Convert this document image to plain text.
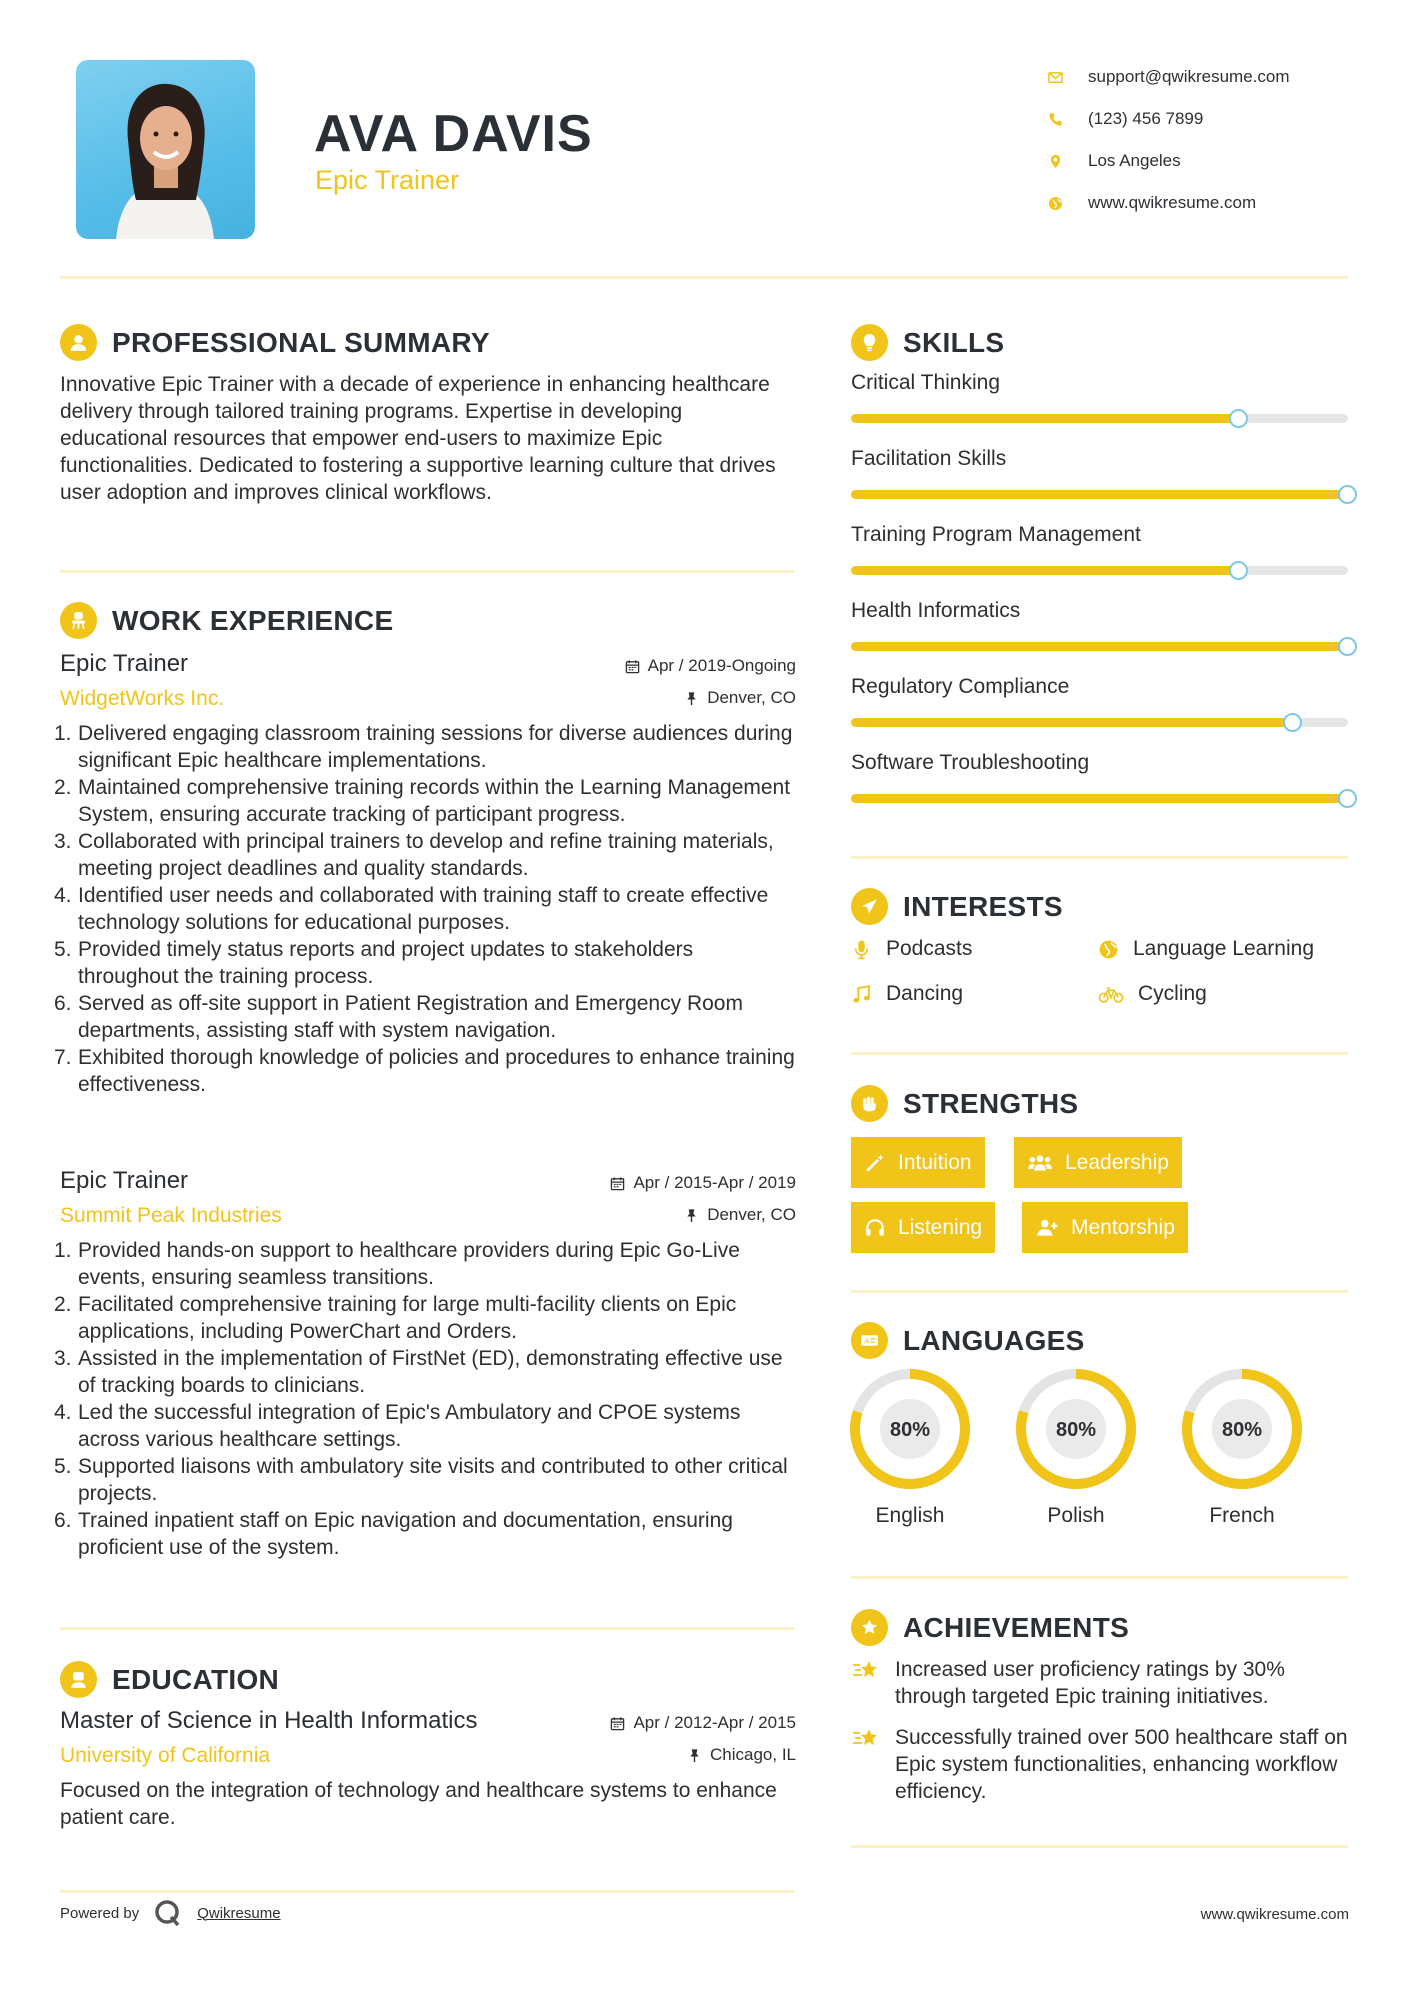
AVA DAVIS
Epic Trainer
support@qwikresume.com
(123) 456 7899
Los Angeles
www.qwikresume.com
PROFESSIONAL SUMMARY
Innovative Epic Trainer with a decade of experience in enhancing healthcare delivery through tailored training programs. Expertise in developing educational resources that empower end-users to maximize Epic functionalities. Dedicated to fostering a supportive learning culture that drives user adoption and improves clinical workflows.
WORK EXPERIENCE
Epic Trainer
WidgetWorks Inc.
Apr / 2019-Ongoing
Denver, CO
1. Delivered engaging classroom training sessions for diverse audiences during significant Epic healthcare implementations.
2. Maintained comprehensive training records within the Learning Management System, ensuring accurate tracking of participant progress.
3. Collaborated with principal trainers to develop and refine training materials, meeting project deadlines and quality standards.
4. Identified user needs and collaborated with training staff to create effective technology solutions for educational purposes.
5. Provided timely status reports and project updates to stakeholders throughout the training process.
6. Served as off-site support in Patient Registration and Emergency Room departments, assisting staff with system navigation.
7. Exhibited thorough knowledge of policies and procedures to enhance training effectiveness.
Epic Trainer
Summit Peak Industries
Apr / 2015-Apr / 2019
Denver, CO
1. Provided hands-on support to healthcare providers during Epic Go-Live events, ensuring seamless transitions.
2. Facilitated comprehensive training for large multi-facility clients on Epic applications, including PowerChart and Orders.
3. Assisted in the implementation of FirstNet (ED), demonstrating effective use of tracking boards to clinicians.
4. Led the successful integration of Epic's Ambulatory and CPOE systems across various healthcare settings.
5. Supported liaisons with ambulatory site visits and contributed to other critical projects.
6. Trained inpatient staff on Epic navigation and documentation, ensuring proficient use of the system.
EDUCATION
Master of Science in Health Informatics
University of California
Apr / 2012-Apr / 2015
Chicago, IL
Focused on the integration of technology and healthcare systems to enhance patient care.
SKILLS
Critical Thinking
Facilitation Skills
Training Program Management
Health Informatics
Regulatory Compliance
Software Troubleshooting
INTERESTS
Podcasts	Language Learning
Dancing	Cycling
STRENGTHS
Intuition	Leadership
Listening	Mentorship
A LANGUAGES
80%
English
80%
Polish
80%
French
ACHIEVEMENTS
Increased user proficiency ratings by 30% through targeted Epic training initiatives.
Successfully trained over 500 healthcare staff on Epic system functionalities, enhancing workflow efficiency.
Powered by	Qwikresume	www.qwikresume.com
